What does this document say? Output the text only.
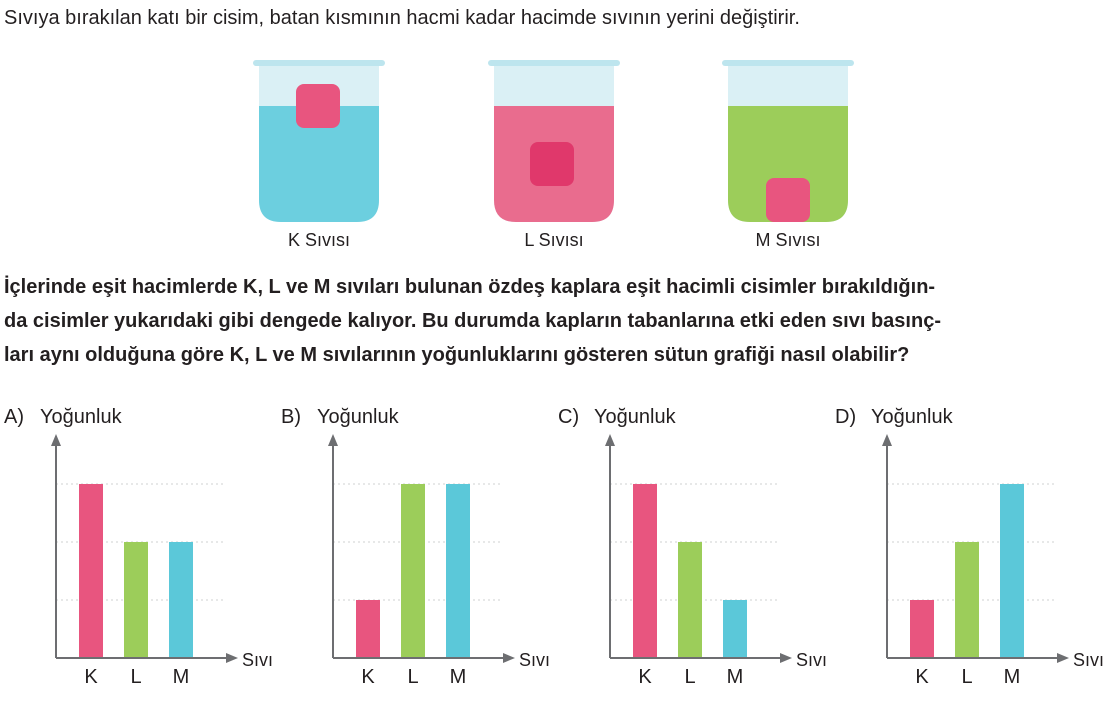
Sıvıya bırakılan katı bir cisim, batan kısmının hacmi kadar hacimde sıvının yerini değiştirir.

K Sıvısı	L Sıvısı	M Sıvısı
İçlerinde eşit hacimlerde K, L ve M sıvıları bulunan özdeş kaplara eşit hacimli cisimler bırakıldığın-
da cisimler yukarıdaki gibi dengede kalıyor. Bu durumda kapların tabanlarına etki eden sıvı basınç-
ları aynı olduğuna göre K, L ve M sıvılarının yoğunluklarını gösteren sütun grafiği nasıl olabilir?
A) Yoğunluk
Sıvı
K	L	M
B) Yoğunluk
Sıvı
K	L	M
C) Yoğunluk
Sıvı
K	L	M
D) Yoğunluk
Sıvı
K	L	M
